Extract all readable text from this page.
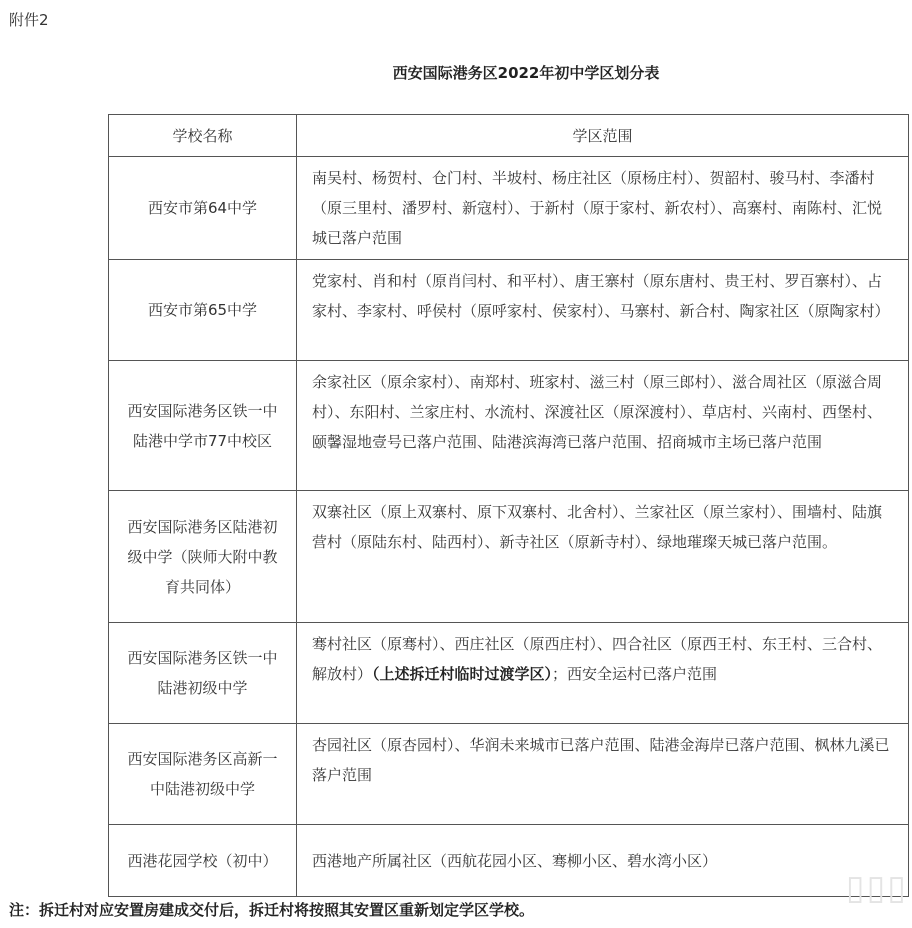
附件2
西安国际港务区2022年初中学区划分表
学校名称	学区范围
西安市第64中学	南吴村、杨贺村、仓门村、半坡村、杨庄社区（原杨庄村）、贺韶村、骏马村、李潘村（原三里村、潘罗村、新寇村）、于新村（原于家村、新农村）、高寨村、南陈村、汇悦城已落户范围
西安市第65中学	党家村、肖和村（原肖闫村、和平村）、唐王寨村（原东唐村、贵王村、罗百寨村）、占家村、李家村、呼侯村（原呼家村、侯家村）、马寨村、新合村、陶家社区（原陶家村）
西安国际港务区铁一中陆港中学市77中校区	余家社区（原余家村）、南郑村、班家村、滋三村（原三郎村）、滋合周社区（原滋合周村）、东阳村、兰家庄村、水流村、深渡社区（原深渡村）、草店村、兴南村、西堡村、颐馨湿地壹号已落户范围、陆港滨海湾已落户范围、招商城市主场已落户范围
西安国际港务区陆港初级中学（陕师大附中教育共同体）	双寨社区（原上双寨村、原下双寨村、北舍村）、兰家社区（原兰家村）、围墙村、陆旗营村（原陆东村、陆西村）、新寺社区（原新寺村）、绿地璀璨天城已落户范围。
西安国际港务区铁一中陆港初级中学	骞村社区（原骞村）、西庄社区（原西庄村）、四合社区（原西王村、东王村、三合村、解放村）（上述拆迁村临时过渡学区）；西安全运村已落户范围
西安国际港务区高新一中陆港初级中学	杏园社区（原杏园村）、华润未来城市已落户范围、陆港金海岸已落户范围、枫林九溪已落户范围
西港花园学校（初中）	西港地产所属社区（西航花园小区、骞柳小区、碧水湾小区）
注：拆迁村对应安置房建成交付后，拆迁村将按照其安置区重新划定学区学校。
▯▯▯
